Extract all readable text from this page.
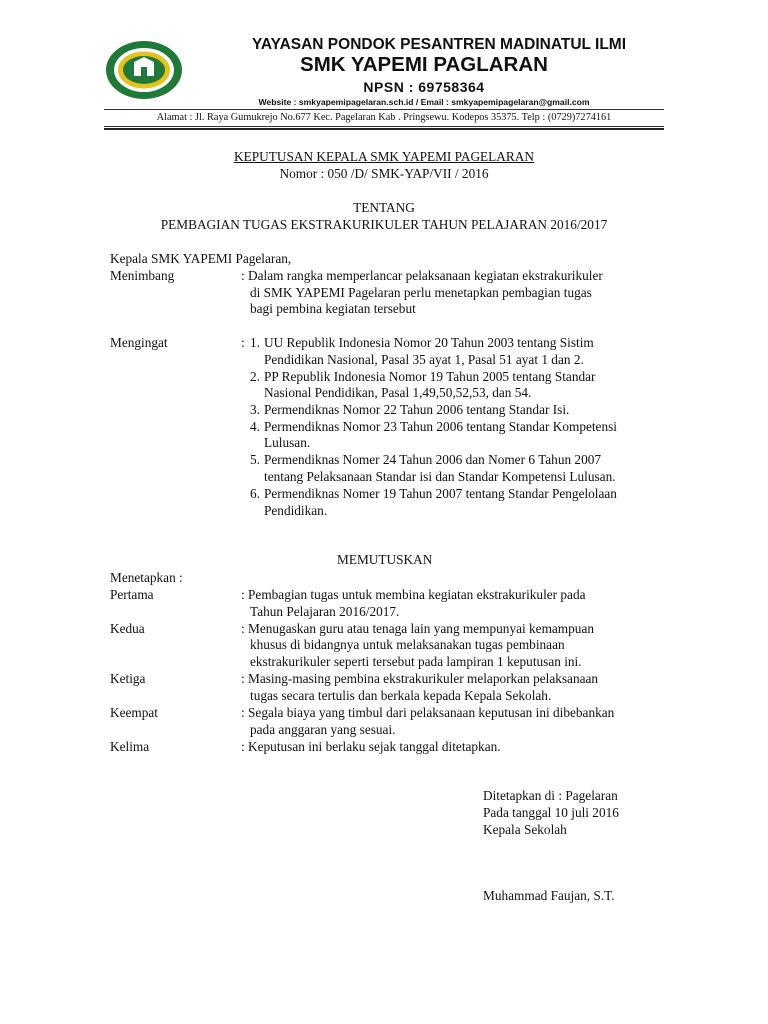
YAYASAN PONDOK PESANTREN MADINATUL ILMI
SMK YAPEMI PAGLARAN
NPSN : 69758364
Website : smkyapemipagelaran.sch.id / Email : smkyapemipagelaran@gmail.com
Alamat : Jl. Raya Gumukrejo No.677 Kec. Pagelaran Kab . Pringsewu. Kodepos 35375. Telp : (0729)7274161
KEPUTUSAN KEPALA SMK YAPEMI PAGELARAN
Nomor : 050 /D/ SMK-YAP/VII / 2016
TENTANG
PEMBAGIAN TUGAS EKSTRAKURIKULER TAHUN PELAJARAN 2016/2017
Kepala SMK YAPEMI Pagelaran,
Menimbang	: Dalam rangka memperlancar pelaksanaan kegiatan ekstrakurikuler
di SMK YAPEMI Pagelaran perlu menetapkan pembagian tugas
bagi pembina kegiatan tersebut
Mengingat	: 1. UU Republik Indonesia Nomor 20 Tahun 2003 tentang Sistim
Pendidikan Nasional, Pasal 35 ayat 1, Pasal 51 ayat 1 dan 2.
2. PP Republik Indonesia Nomor 19 Tahun 2005 tentang Standar
Nasional Pendidikan, Pasal 1,49,50,52,53, dan 54.
3. Permendiknas Nomor 22 Tahun 2006 tentang Standar Isi.
4. Permendiknas Nomor 23 Tahun 2006 tentang Standar Kompetensi
Lulusan.
5. Permendiknas Nomer 24 Tahun 2006 dan Nomer 6 Tahun 2007
tentang Pelaksanaan Standar isi dan Standar Kompetensi Lulusan.
6. Permendiknas Nomer 19 Tahun 2007 tentang Standar Pengelolaan
Pendidikan.
MEMUTUSKAN
Menetapkan :
Pertama	: Pembagian tugas untuk membina kegiatan ekstrakurikuler pada
Tahun Pelajaran 2016/2017.
Kedua	: Menugaskan guru atau tenaga lain yang mempunyai kemampuan
khusus di bidangnya untuk melaksanakan tugas pembinaan
ekstrakurikuler seperti tersebut pada lampiran 1 keputusan ini.
Ketiga	: Masing-masing pembina ekstrakurikuler melaporkan pelaksanaan
tugas secara tertulis dan berkala kepada Kepala Sekolah.
Keempat	: Segala biaya yang timbul dari pelaksanaan keputusan ini dibebankan
pada anggaran yang sesuai.
Kelima	: Keputusan ini berlaku sejak tanggal ditetapkan.
Ditetapkan di : Pagelaran
Pada tanggal 10 juli 2016
Kepala Sekolah
Muhammad Faujan, S.T.
